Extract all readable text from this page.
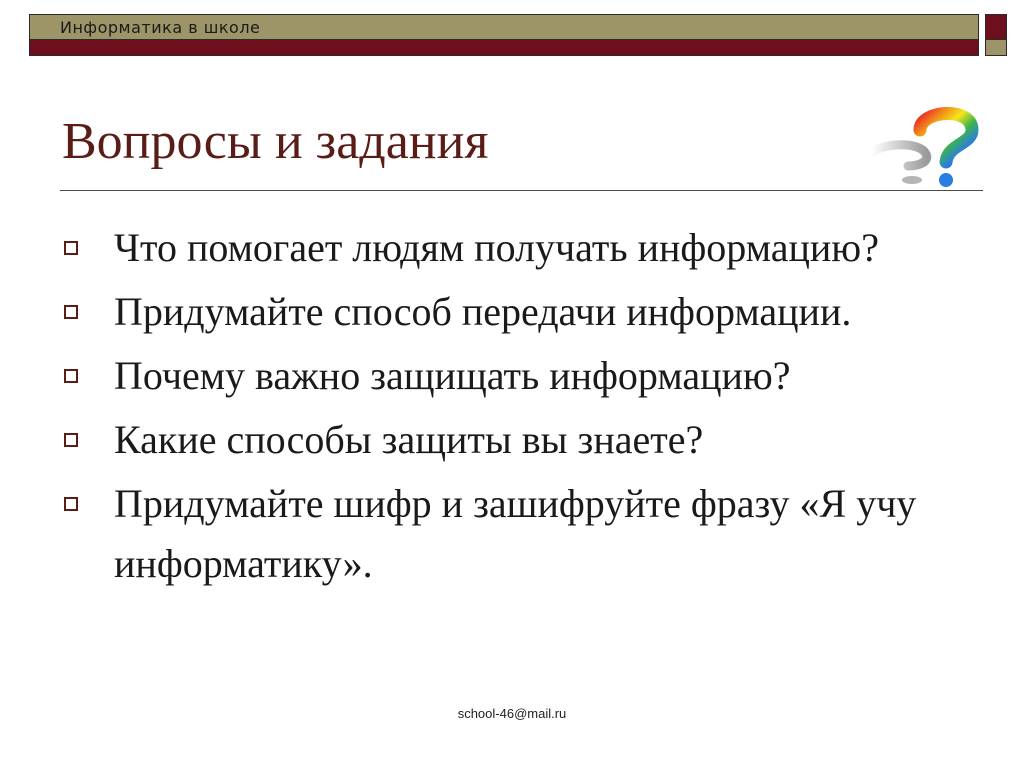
Информатика в школе
Вопросы и задания
Что помогает людям получать информацию?
Придумайте способ передачи информации.
Почему важно защищать информацию?
Какие способы защиты вы знаете?
Придумайте шифр и зашифруйте фразу «Я учу информатику».
school-46@mail.ru
